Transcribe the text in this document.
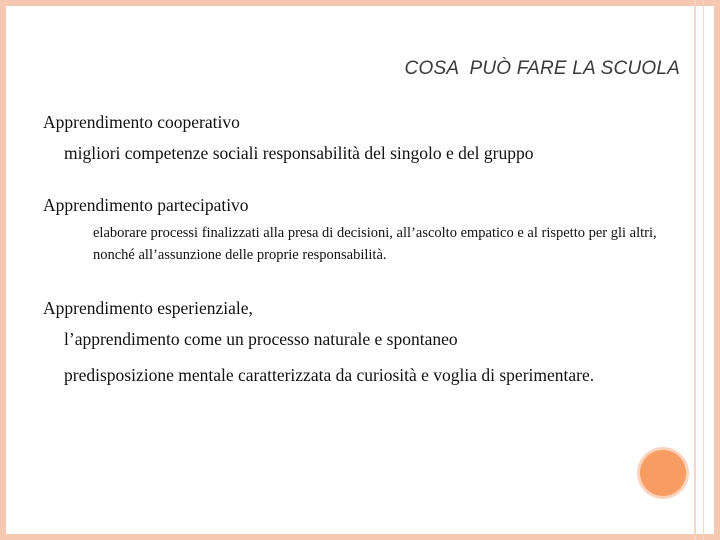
COSA  PUÒ FARE LA SCUOLA
Apprendimento cooperativo
migliori competenze sociali responsabilità del singolo e del gruppo
Apprendimento partecipativo
elaborare processi finalizzati alla presa di decisioni, all’ascolto empatico e al rispetto per gli altri, nonché all’assunzione delle proprie responsabilità.
Apprendimento esperienziale,
l’apprendimento come un processo naturale e spontaneo
predisposizione mentale caratterizzata da curiosità e voglia di sperimentare.
